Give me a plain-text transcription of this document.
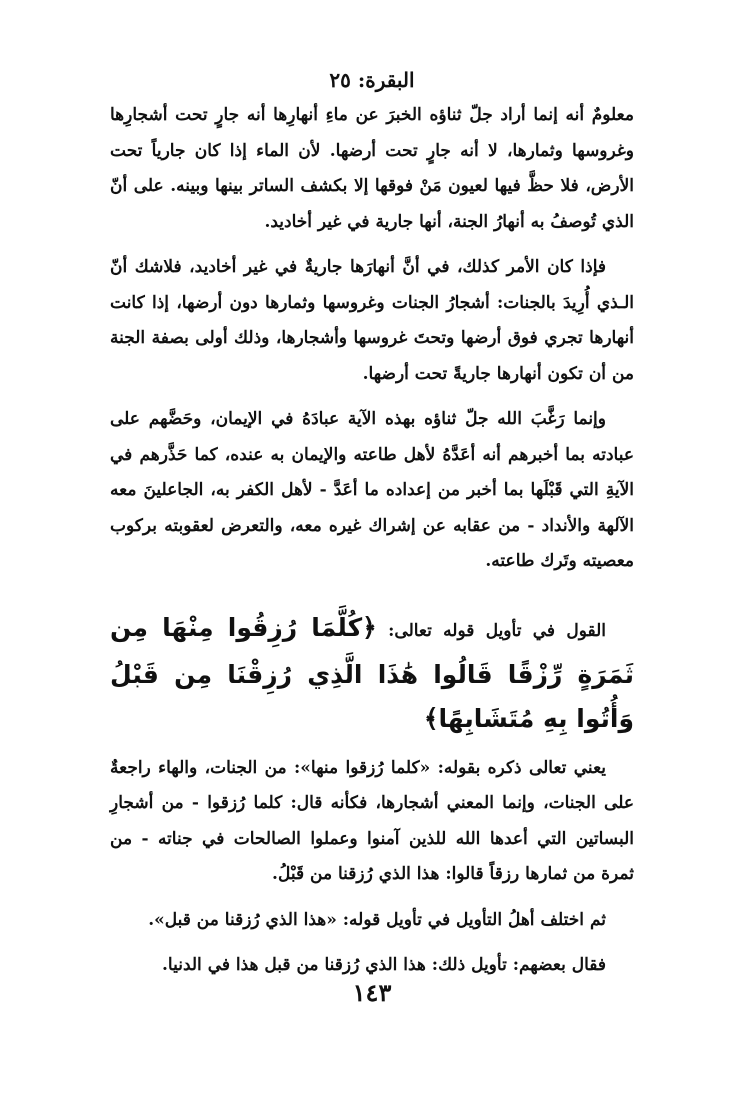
البقرة: ٢٥

معلومٌ أنه إنما أراد جلّ ثناؤه الخبرَ عن ماءِ أنهارِها أنه جارٍ تحت أشجارِها وغروسها وثمارها، لا أنه جارٍ تحت أرضها. لأن الماء إذا كان جارياً تحت الأرض، فلا حظَّ فيها لعيون مَنْ فوقها إلا بكشف الساتر بينها وبينه. على أنّ الذي تُوصفُ به أنهارُ الجنة، أنها جارية في غير أخاديد.

فإذا كان الأمر كذلك، في أنَّ أنهارَها جاريةٌ في غير أخاديد، فلاشك أنّ الـذي أُرِيدَ بالجنات: أشجارُ الجنات وغروسها وثمارها دون أرضها، إذا كانت أنهارها تجري فوق أرضها وتحتَ غروسها وأشجارها، وذلك أولى بصفة الجنة من أن تكون أنهارها جاريةً تحت أرضها.

وإنما رَغَّبَ الله جلّ ثناؤه بهذه الآية عبادَهُ في الإيمان، وحَضَّهم على عبادته بما أخبرهم أنه أعَدَّهُ لأهل طاعته والإيمان به عنده، كما حَذَّرهم في الآيةِ التي قَبْلَها بما أخبر من إعداده ما أعَدَّ - لأهل الكفر به، الجاعلينَ معه الآلهة والأنداد - من عقابه عن إشراك غيره معه، والتعرض لعقوبته بركوب معصيته وتَرك طاعته.

القول في تأويل قوله تعالى: ﴿كُلَّمَا رُزِقُوا مِنْهَا مِن ثَمَرَةٍ رِّزْقًا قَالُوا هَٰذَا الَّذِي رُزِقْنَا مِن قَبْلُ وَأُتُوا بِهِ مُتَشَابِهًا﴾

يعني تعالى ذكره بقوله: «كلما رُزقوا منها»: من الجنات، والهاء راجعةٌ على الجنات، وإنما المعني أشجارها، فكأنه قال: كلما رُزقوا - من أشجارِ البساتين التي أعدها الله للذين آمنوا وعملوا الصالحات في جناته - من ثمرة من ثمارها رزقاً قالوا: هذا الذي رُزقنا من قَبْلُ.

ثم اختلف أهلُ التأويل في تأويل قوله: «هذا الذي رُزقنا من قبل».

فقال بعضهم: تأويل ذلك: هذا الذي رُزقنا من قبل هذا في الدنيا.

١٤٣
